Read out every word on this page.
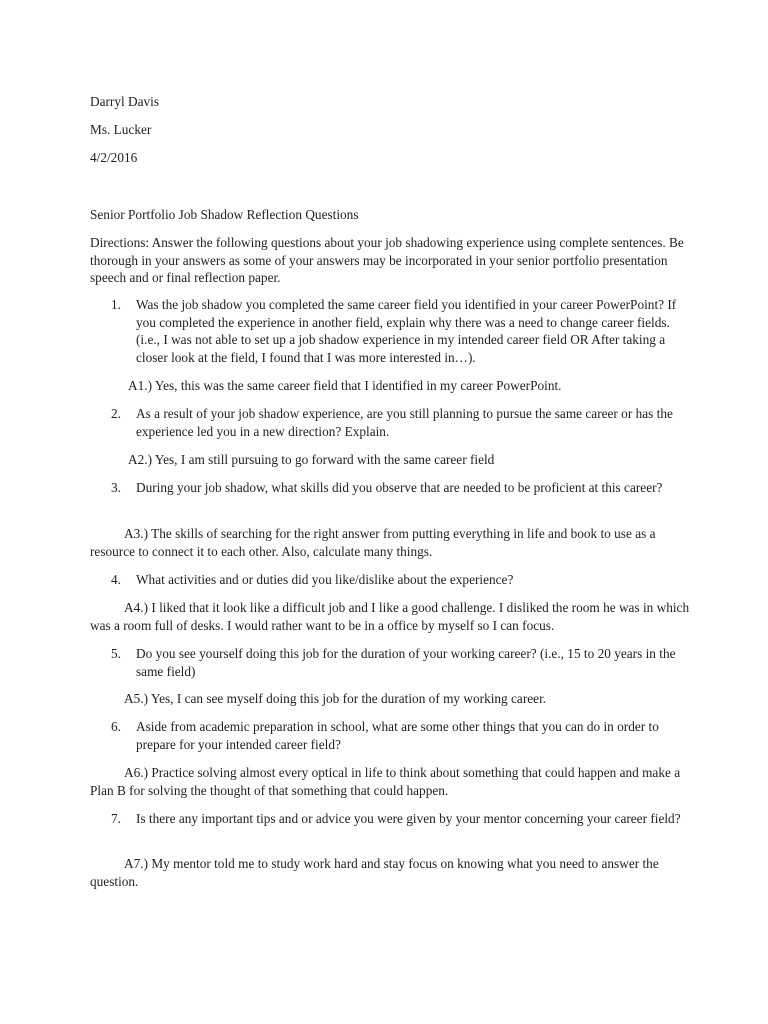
Darryl Davis

Ms. Lucker

4/2/2016

Senior Portfolio Job Shadow Reflection Questions

Directions: Answer the following questions about your job shadowing experience using complete sentences. Be thorough in your answers as some of your answers may be incorporated in your senior portfolio presentation speech and or final reflection paper.

1. Was the job shadow you completed the same career field you identified in your career PowerPoint? If you completed the experience in another field, explain why there was a need to change career fields. (i.e., I was not able to set up a job shadow experience in my intended career field OR After taking a closer look at the field, I found that I was more interested in…).

A1.) Yes, this was the same career field that I identified in my career PowerPoint.

2. As a result of your job shadow experience, are you still planning to pursue the same career or has the experience led you in a new direction? Explain.

A2.) Yes, I am still pursuing to go forward with the same career field

3. During your job shadow, what skills did you observe that are needed to be proficient at this career?

A3.) The skills of searching for the right answer from putting everything in life and book to use as a resource to connect it to each other. Also, calculate many things.

4. What activities and or duties did you like/dislike about the experience?

A4.) I liked that it look like a difficult job and I like a good challenge. I disliked the room he was in which was a room full of desks. I would rather want to be in a office by myself so I can focus.

5. Do you see yourself doing this job for the duration of your working career? (i.e., 15 to 20 years in the same field)

A5.) Yes, I can see myself doing this job for the duration of my working career.

6. Aside from academic preparation in school, what are some other things that you can do in order to prepare for your intended career field?

A6.) Practice solving almost every optical in life to think about something that could happen and make a Plan B for solving the thought of that something that could happen.

7. Is there any important tips and or advice you were given by your mentor concerning your career field?

A7.) My mentor told me to study work hard and stay focus on knowing what you need to answer the question.
